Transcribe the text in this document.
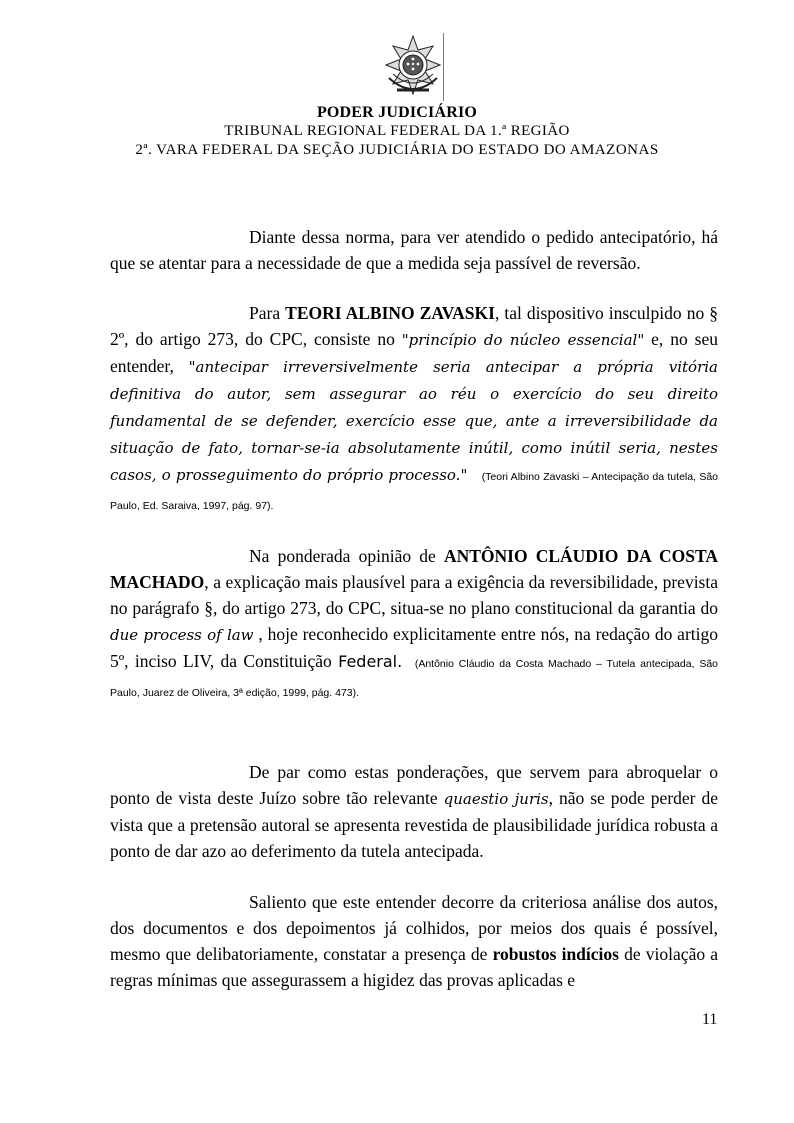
PODER JUDICIÁRIO
TRIBUNAL REGIONAL FEDERAL DA 1.ª REGIÃO
2ª. VARA FEDERAL DA SEÇÃO JUDICIÁRIA DO ESTADO DO AMAZONAS

Diante dessa norma, para ver atendido o pedido antecipatório, há que se atentar para a necessidade de que a medida seja passível de reversão.

Para TEORI ALBINO ZAVASKI, tal dispositivo insculpido no § 2º, do artigo 273, do CPC, consiste no "princípio do núcleo essencial" e, no seu entender, "antecipar irreversivelmente seria antecipar a própria vitória definitiva do autor, sem assegurar ao réu o exercício do seu direito fundamental de se defender, exercício esse que, ante a irreversibilidade da situação de fato, tornar-se-ia absolutamente inútil, como inútil seria, nestes casos, o prosseguimento do próprio processo." (Teori Albino Zavaski – Antecipação da tutela, São Paulo, Ed. Saraiva, 1997, pág. 97).

Na ponderada opinião de ANTÔNIO CLÁUDIO DA COSTA MACHADO, a explicação mais plausível para a exigência da reversibilidade, prevista no parágrafo §, do artigo 273, do CPC, situa-se no plano constitucional da garantia do due process of law , hoje reconhecido explicitamente entre nós, na redação do artigo 5º, inciso LIV, da Constituição Federal. (Antônio Cláudio da Costa Machado – Tutela antecipada, São Paulo, Juarez de Oliveira, 3ª edição, 1999, pág. 473).

De par como estas ponderações, que servem para abroquelar o ponto de vista deste Juízo sobre tão relevante quaestio juris, não se pode perder de vista que a pretensão autoral se apresenta revestida de plausibilidade jurídica robusta a ponto de dar azo ao deferimento da tutela antecipada.

Saliento que este entender decorre da criteriosa análise dos autos, dos documentos e dos depoimentos já colhidos, por meios dos quais é possível, mesmo que delibatoriamente, constatar a presença de robustos indícios de violação a regras mínimas que assegurassem a higidez das provas aplicadas e

11
